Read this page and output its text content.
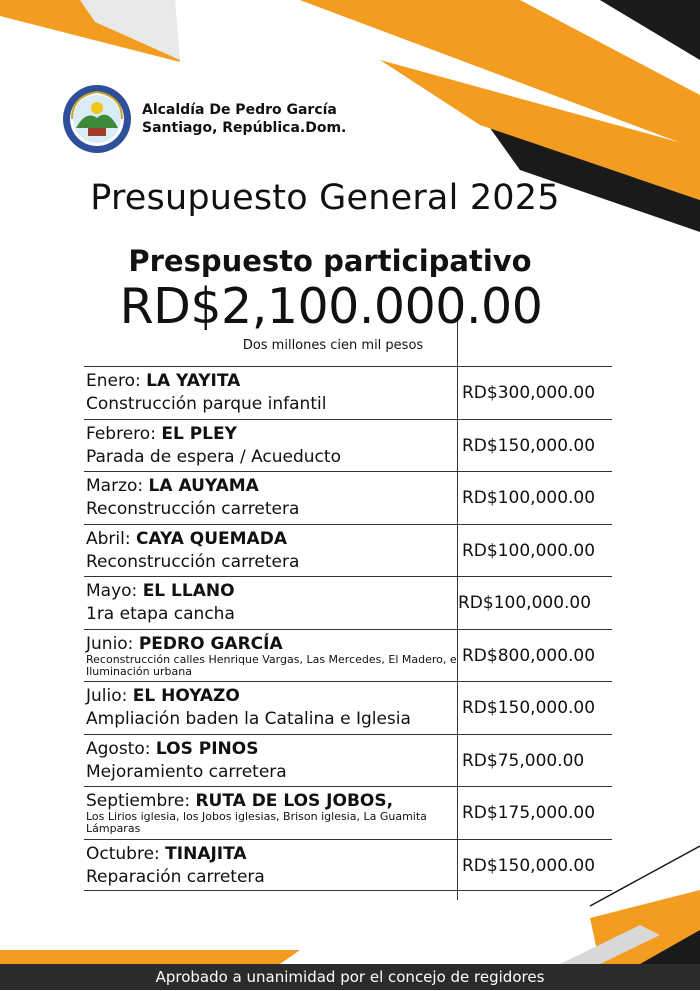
Alcaldía De Pedro García
Santiago, República.Dom.
Presupuesto General 2025
Prespuesto participativo
RD$2,100.000.00
Dos millones cien mil pesos
Enero: LA YAYITA
Construcción parque infantil
RD$300,000.00
Febrero: EL PLEY
Parada de espera / Acueducto
RD$150,000.00
Marzo: LA AUYAMA
Reconstrucción carretera
RD$100,000.00
Abril: CAYA QUEMADA
Reconstrucción carretera
RD$100,000.00
Mayo: EL LLANO
1ra etapa cancha
RD$100,000.00
Junio: PEDRO GARCÍA
Reconstrucción calles Henrique Vargas, Las Mercedes, El Madero, e Iluminación urbana
RD$800,000.00
Julio: EL HOYAZO
Ampliación baden la Catalina e Iglesia
RD$150,000.00
Agosto: LOS PINOS
Mejoramiento carretera
RD$75,000.00
Septiembre: RUTA DE LOS JOBOS,
Los Lirios iglesia, los Jobos iglesias, Brison iglesia, La Guamita Lámparas
RD$175,000.00
Octubre: TINAJITA
Reparación carretera
RD$150,000.00
Aprobado a unanimidad por el concejo de regidores
